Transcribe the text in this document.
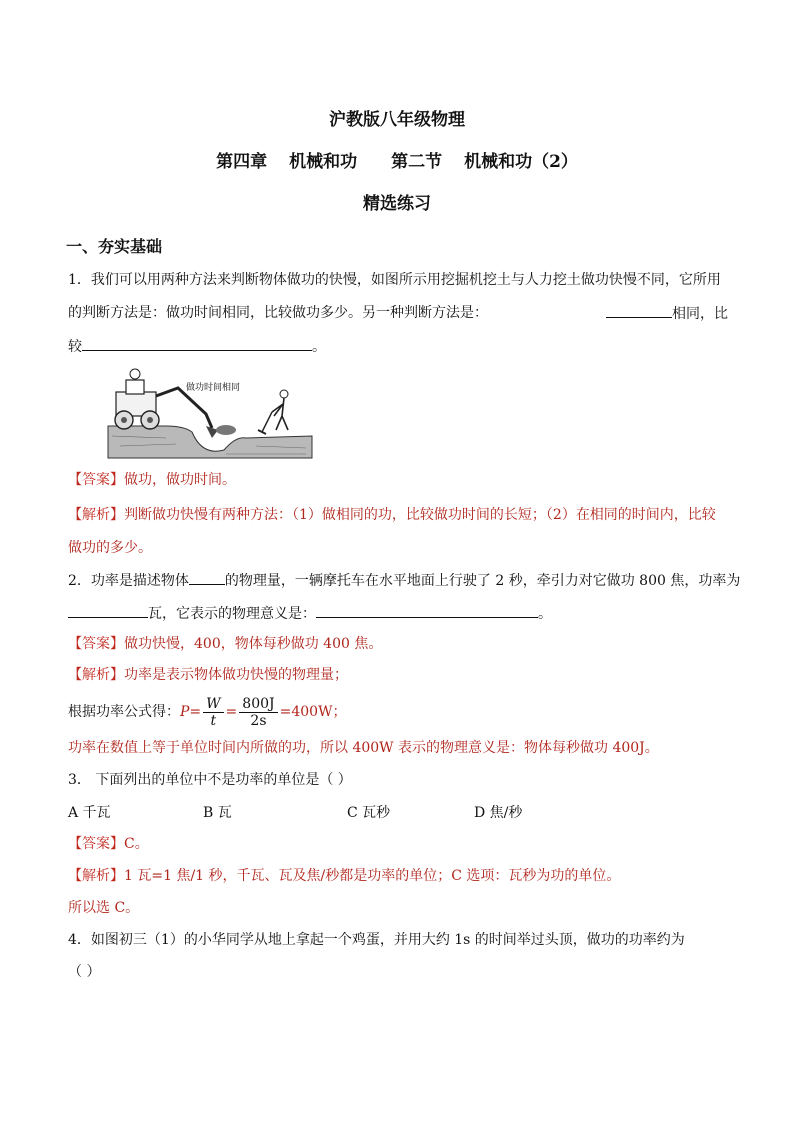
沪教版八年级物理
第四章 机械和功 第二节 机械和功（2）
精选练习
一、夯实基础
1．我们可以用两种方法来判断物体做功的快慢，如图所示用挖掘机挖土与人力挖土做功快慢不同，它所用
的判断方法是：做功时间相同，比较做功多少。另一种判断方法是：	相同，比
较	。
做功时间相同
【答案】做功，做功时间。
【解析】判断做功快慢有两种方法：（1）做相同的功，比较做功时间的长短；（2）在相同的时间内，比较
做功的多少。
2．功率是描述物体	的物理量，一辆摩托车在水平地面上行驶了 2 秒，牵引力对它做功 800 焦，功率为
瓦，它表示的物理意义是：	。
【答案】做功快慢，400，物体每秒做功 400 焦。
【解析】功率是表示物体做功快慢的物理量；
根据功率公式得： $P= \frac{W}{t} = \frac{800J}{2s} =400W$；
功率在数值上等于单位时间内所做的功，所以 400W 表示的物理意义是：物体每秒做功 400J。
3． 下面列出的单位中不是功率的单位是（ ）
A 千瓦	B 瓦	C 瓦秒	D 焦/秒
【答案】C。
【解析】1 瓦=1 焦/1 秒，千瓦、瓦及焦/秒都是功率的单位；C 选项：瓦秒为功的单位。
所以选 C。
4．如图初三（1）的小华同学从地上拿起一个鸡蛋，并用大约 1s 的时间举过头顶，做功的功率约为
（ ）
